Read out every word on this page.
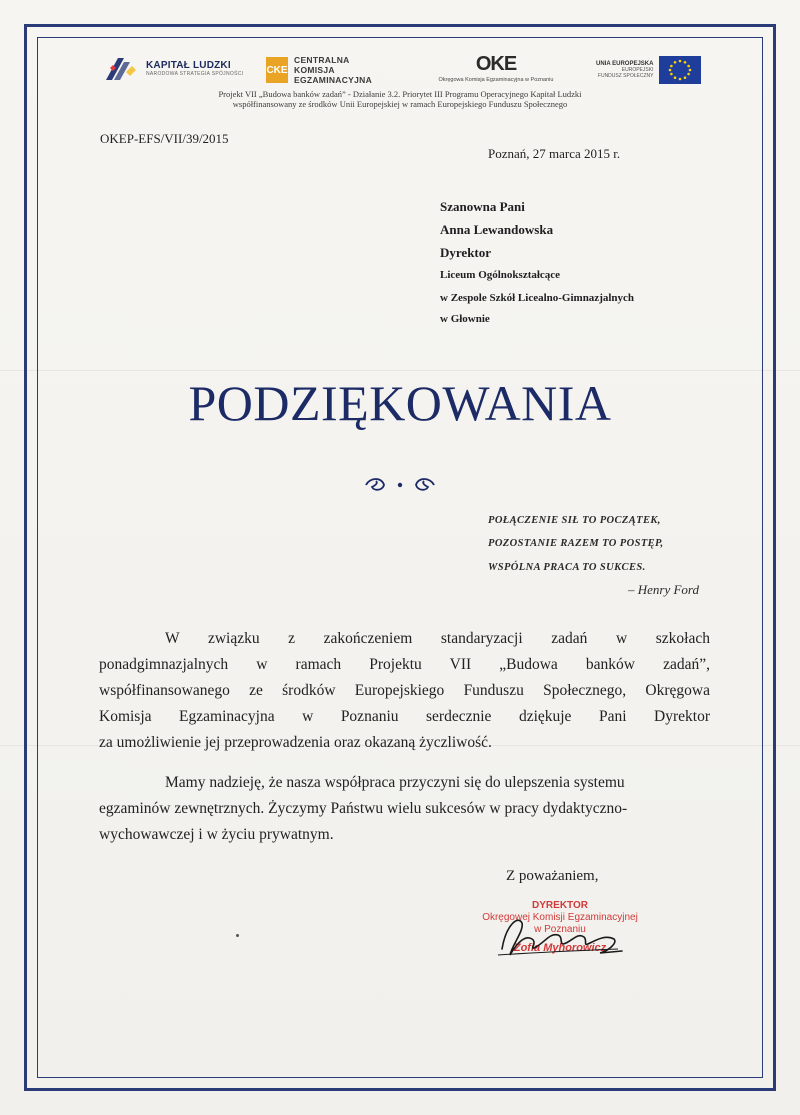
KAPITAŁ LUDZKI
NARODOWA STRATEGIA SPÓJNOŚCI CKE
CENTRALNA
KOMISJA
EGZAMINACYJNA
OKE
Okręgowa Komisja Egzaminacyjna w Poznaniu
UNIA EUROPEJSKA
EUROPEJSKI
FUNDUSZ SPOŁECZNY
Projekt VII „Budowa banków zadań” - Działanie 3.2. Priorytet III Programu Operacyjnego Kapitał Ludzki
współfinansowany ze środków Unii Europejskiej w ramach Europejskiego Funduszu Społecznego
OKEP-EFS/VII/39/2015
Poznań, 27 marca 2015 r.
Szanowna Pani
Anna Lewandowska
Dyrektor
Liceum Ogólnokształcące
w Zespole Szkół Licealno-Gimnazjalnych
w Głownie
PODZIĘKOWANIA
POŁĄCZENIE SIŁ TO POCZĄTEK,
POZOSTANIE RAZEM TO POSTĘP,
WSPÓLNA PRACA TO SUKCES.
– Henry Ford
W związku z zakończeniem standaryzacji zadań w szkołach
ponadgimnazjalnych w ramach Projektu VII „Budowa banków zadań”,
współfinansowanego ze środków Europejskiego Funduszu Społecznego, Okręgowa
Komisja Egzaminacyjna w Poznaniu serdecznie dziękuje Pani Dyrektor
za umożliwienie jej przeprowadzenia oraz okazaną życzliwość.
Mamy nadzieję, że nasza współpraca przyczyni się do ulepszenia systemu
egzaminów zewnętrznych. Życzymy Państwu wielu sukcesów w pracy dydaktyczno-
wychowawczej i w życiu prywatnym.
Z poważaniem,
DYREKTOR
Okręgowej Komisji Egzaminacyjnej
w Poznaniu
Zofia Myhorowicz
